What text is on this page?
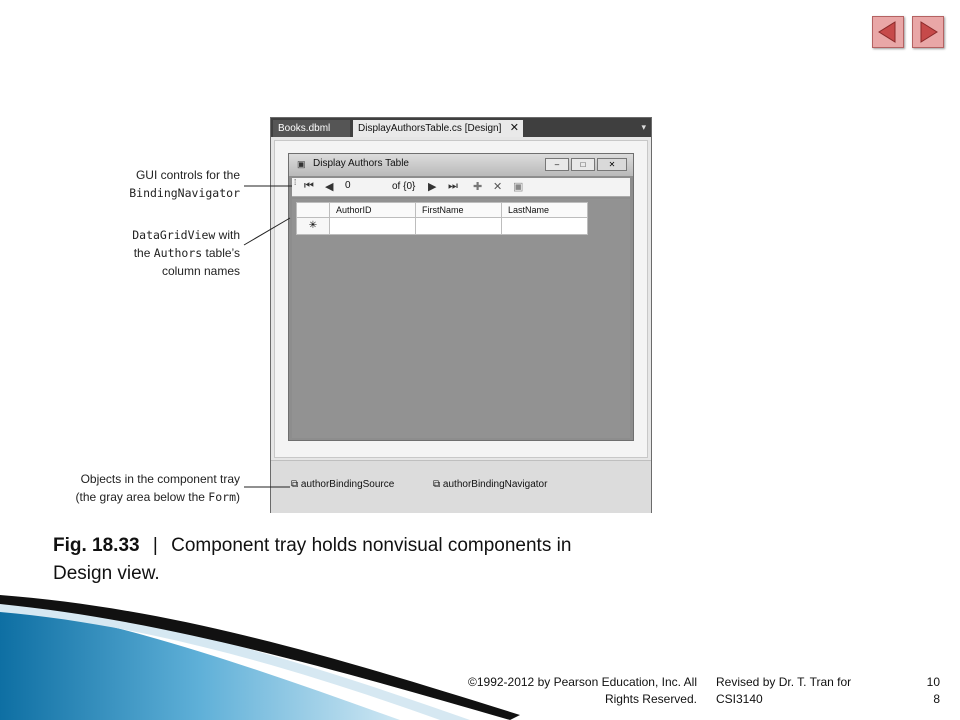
Books.dbml	DisplayAuthorsTable.cs [Design] ✕	▾
▣ Display Authors Table	‒	□	✕
⁞ ⏮ ◀ 0	of {0} ▶ ⏭ ✚ ✕ ▣
AuthorID	FirstName	LastName
✳
⧉ authorBindingSource	⧉ authorBindingNavigator
GUI controls for the
BindingNavigator
DataGridView with
the Authors table’s
column names
Objects in the component tray
(the gray area below the Form)
Fig. 18.33 | Component tray holds nonvisual components in
Design view.
©1992-2012 by Pearson Education, Inc. All
Rights Reserved.
Revised by Dr. T. Tran for
CSI3140
10
8
